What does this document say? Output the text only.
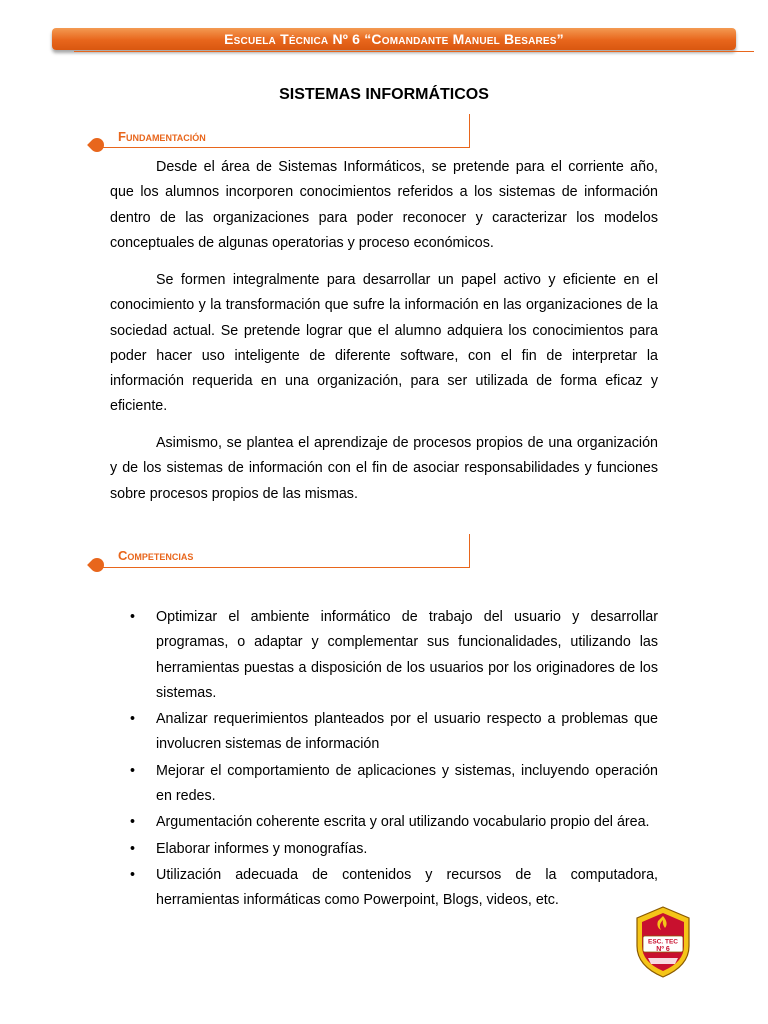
Escuela Técnica Nº 6 “Comandante Manuel Besares”
SISTEMAS INFORMÁTICOS
Fundamentación

Desde el área de Sistemas Informáticos, se pretende para el corriente año, que los alumnos incorporen conocimientos referidos a los sistemas de información dentro de las organizaciones para poder reconocer y caracterizar los modelos conceptuales de algunas operatorias y proceso económicos.

Se formen integralmente para desarrollar un papel activo y eficiente en el conocimiento y la transformación que sufre la información en las organizaciones de la sociedad actual. Se pretende lograr que el alumno adquiera los conocimientos para poder hacer uso inteligente de diferente software, con el fin de interpretar la información requerida en una organización, para ser utilizada de forma eficaz y eficiente.

Asimismo, se plantea el aprendizaje de procesos propios de una organización y de los sistemas de información con el fin de asociar responsabilidades y funciones sobre procesos propios de las mismas.

Competencias
• Optimizar el ambiente informático de trabajo del usuario y desarrollar programas, o adaptar y complementar sus funcionalidades, utilizando las herramientas puestas a disposición de los usuarios por los originadores de los sistemas.
• Analizar requerimientos planteados por el usuario respecto a problemas que involucren sistemas de información
• Mejorar el comportamiento de aplicaciones y sistemas, incluyendo operación en redes.
• Argumentación coherente escrita y oral utilizando vocabulario propio del área.
• Elaborar informes y monografías.
• Utilización adecuada de contenidos y recursos de la computadora, herramientas informáticas como Powerpoint, Blogs, videos, etc.
ESC. TEC
Nº 6
